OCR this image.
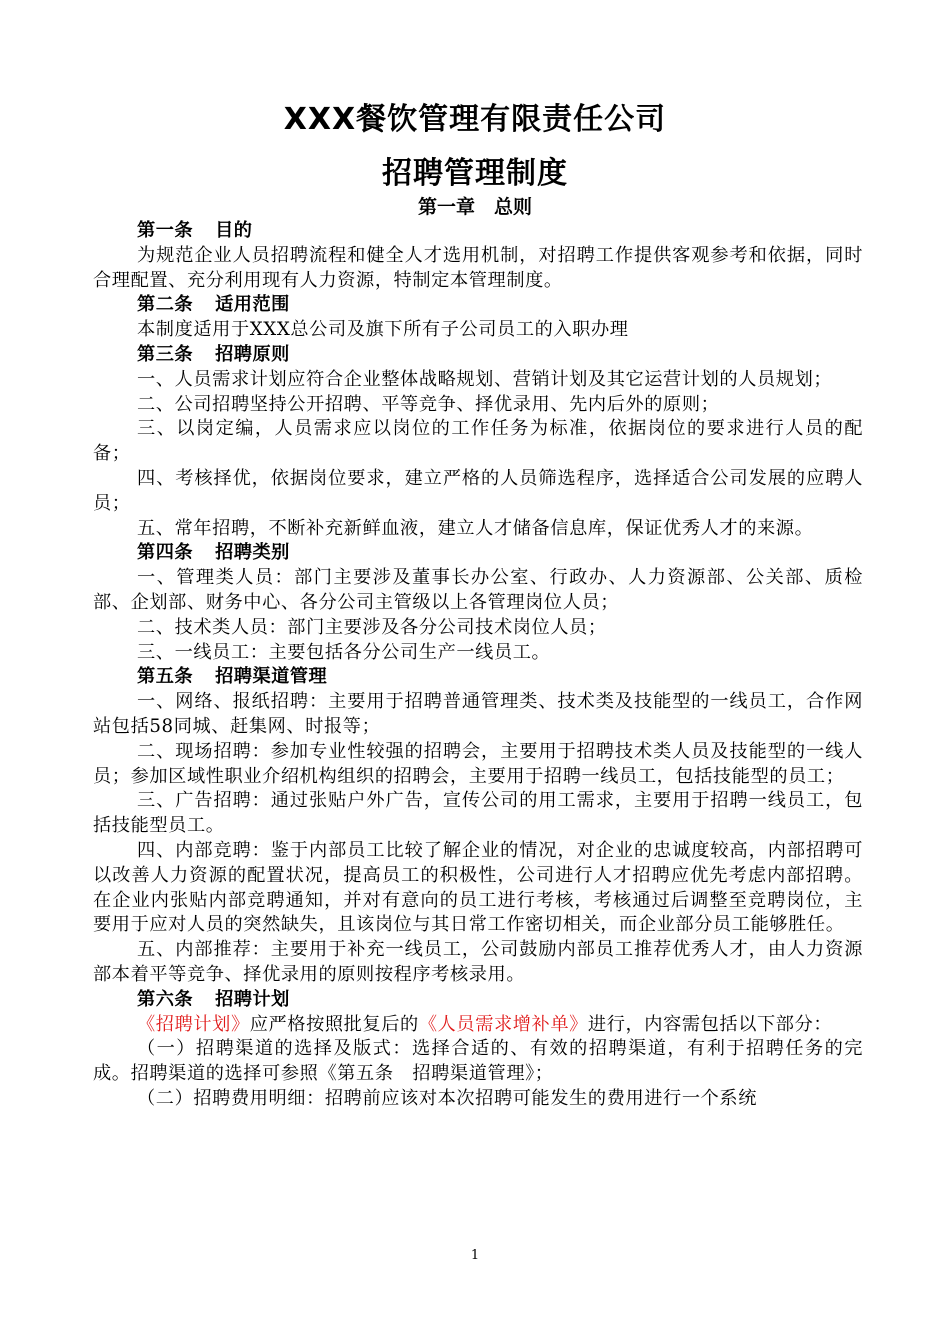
XXX餐饮管理有限责任公司
招聘管理制度
第一章　总则

第一条 目的

为规范企业人员招聘流程和健全人才选用机制，对招聘工作提供客观参考和依据，同时合理配置、充分利用现有人力资源，特制定本管理制度。

第二条 适用范围

本制度适用于XXX总公司及旗下所有子公司员工的入职办理

第三条 招聘原则

一、人员需求计划应符合企业整体战略规划、营销计划及其它运营计划的人员规划；

二、公司招聘坚持公开招聘、平等竞争、择优录用、先内后外的原则；

三、以岗定编，人员需求应以岗位的工作任务为标准，依据岗位的要求进行人员的配备；

四、考核择优，依据岗位要求，建立严格的人员筛选程序，选择适合公司发展的应聘人员；

五、常年招聘，不断补充新鲜血液，建立人才储备信息库，保证优秀人才的来源。

第四条 招聘类别

一、管理类人员：部门主要涉及董事长办公室、行政办、人力资源部、公关部、质检部、企划部、财务中心、各分公司主管级以上各管理岗位人员；

二、技术类人员：部门主要涉及各分公司技术岗位人员；

三、一线员工：主要包括各分公司生产一线员工。

第五条 招聘渠道管理

一、网络、报纸招聘：主要用于招聘普通管理类、技术类及技能型的一线员工，合作网站包括58同城、赶集网、时报等；

二、现场招聘：参加专业性较强的招聘会，主要用于招聘技术类人员及技能型的一线人员；参加区域性职业介绍机构组织的招聘会，主要用于招聘一线员工，包括技能型的员工；

三、广告招聘：通过张贴户外广告，宣传公司的用工需求，主要用于招聘一线员工，包括技能型员工。

四、内部竞聘：鉴于内部员工比较了解企业的情况，对企业的忠诚度较高，内部招聘可以改善人力资源的配置状况，提高员工的积极性，公司进行人才招聘应优先考虑内部招聘。在企业内张贴内部竞聘通知，并对有意向的员工进行考核，考核通过后调整至竞聘岗位，主要用于应对人员的突然缺失，且该岗位与其日常工作密切相关，而企业部分员工能够胜任。

五、内部推荐：主要用于补充一线员工，公司鼓励内部员工推荐优秀人才，由人力资源部本着平等竞争、择优录用的原则按程序考核录用。

第六条 招聘计划

《招聘计划》应严格按照批复后的《人员需求增补单》进行，内容需包括以下部分：

（一）招聘渠道的选择及版式：选择合适的、有效的招聘渠道，有利于招聘任务的完成。招聘渠道的选择可参照《第五条　招聘渠道管理》；

（二）招聘费用明细：招聘前应该对本次招聘可能发生的费用进行一个系统

1
